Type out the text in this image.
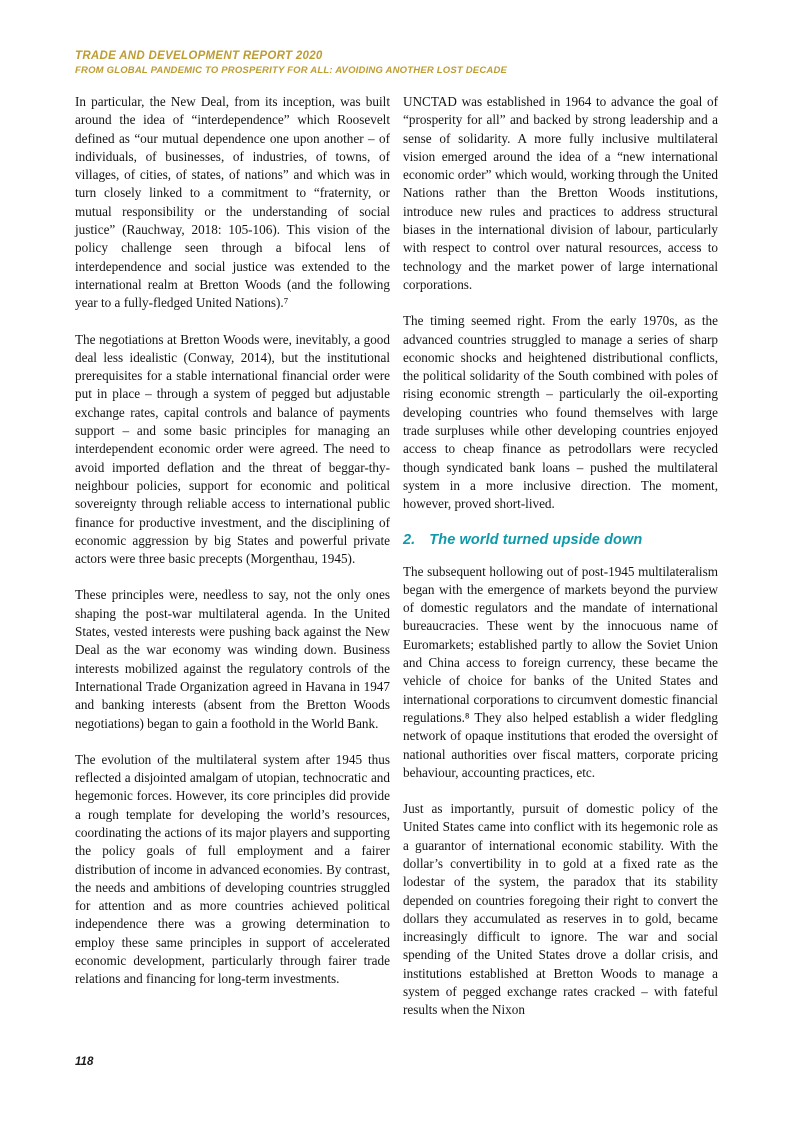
TRADE AND DEVELOPMENT REPORT 2020
FROM GLOBAL PANDEMIC TO PROSPERITY FOR ALL: AVOIDING ANOTHER LOST DECADE

In particular, the New Deal, from its inception, was built around the idea of “interdependence” which Roosevelt defined as “our mutual dependence one upon another – of individuals, of businesses, of industries, of towns, of villages, of cities, of states, of nations” and which was in turn closely linked to a commitment to “fraternity, or mutual responsibility or the understanding of social justice” (Rauchway, 2018: 105-106). This vision of the policy challenge seen through a bifocal lens of interdependence and social justice was extended to the international realm at Bretton Woods (and the following year to a fully-fledged United Nations).⁷

The negotiations at Bretton Woods were, inevitably, a good deal less idealistic (Conway, 2014), but the institutional prerequisites for a stable international financial order were put in place – through a system of pegged but adjustable exchange rates, capital controls and balance of payments support – and some basic principles for managing an interdependent economic order were agreed. The need to avoid imported deflation and the threat of beggar-thy-neighbour policies, support for economic and political sovereignty through reliable access to international public finance for productive investment, and the disciplining of economic aggression by big States and powerful private actors were three basic precepts (Morgenthau, 1945).

These principles were, needless to say, not the only ones shaping the post-war multilateral agenda. In the United States, vested interests were pushing back against the New Deal as the war economy was winding down. Business interests mobilized against the regulatory controls of the International Trade Organization agreed in Havana in 1947 and banking interests (absent from the Bretton Woods negotiations) began to gain a foothold in the World Bank.

The evolution of the multilateral system after 1945 thus reflected a disjointed amalgam of utopian, technocratic and hegemonic forces. However, its core principles did provide a rough template for developing the world’s resources, coordinating the actions of its major players and supporting the policy goals of full employment and a fairer distribution of income in advanced economies. By contrast, the needs and ambitions of developing countries struggled for attention and as more countries achieved political independence there was a growing determination to employ these same principles in support of accelerated economic development, particularly through fairer trade relations and financing for long-term investments.

UNCTAD was established in 1964 to advance the goal of “prosperity for all” and backed by strong leadership and a sense of solidarity. A more fully inclusive multilateral vision emerged around the idea of a “new international economic order” which would, working through the United Nations rather than the Bretton Woods institutions, introduce new rules and practices to address structural biases in the international division of labour, particularly with respect to control over natural resources, access to technology and the market power of large international corporations.

The timing seemed right. From the early 1970s, as the advanced countries struggled to manage a series of sharp economic shocks and heightened distributional conflicts, the political solidarity of the South combined with poles of rising economic strength – particularly the oil-exporting developing countries who found themselves with large trade surpluses while other developing countries enjoyed access to cheap finance as petrodollars were recycled though syndicated bank loans – pushed the multilateral system in a more inclusive direction. The moment, however, proved short-lived.

2. The world turned upside down

The subsequent hollowing out of post-1945 multilateralism began with the emergence of markets beyond the purview of domestic regulators and the mandate of international bureaucracies. These went by the innocuous name of Euromarkets; established partly to allow the Soviet Union and China access to foreign currency, these became the vehicle of choice for banks of the United States and international corporations to circumvent domestic financial regulations.⁸ They also helped establish a wider fledgling network of opaque institutions that eroded the oversight of national authorities over fiscal matters, corporate pricing behaviour, accounting practices, etc.

Just as importantly, pursuit of domestic policy of the United States came into conflict with its hegemonic role as a guarantor of international economic stability. With the dollar’s convertibility in to gold at a fixed rate as the lodestar of the system, the paradox that its stability depended on countries foregoing their right to convert the dollars they accumulated as reserves in to gold, became increasingly difficult to ignore. The war and social spending of the United States drove a dollar crisis, and institutions established at Bretton Woods to manage a system of pegged exchange rates cracked – with fateful results when the Nixon

118
